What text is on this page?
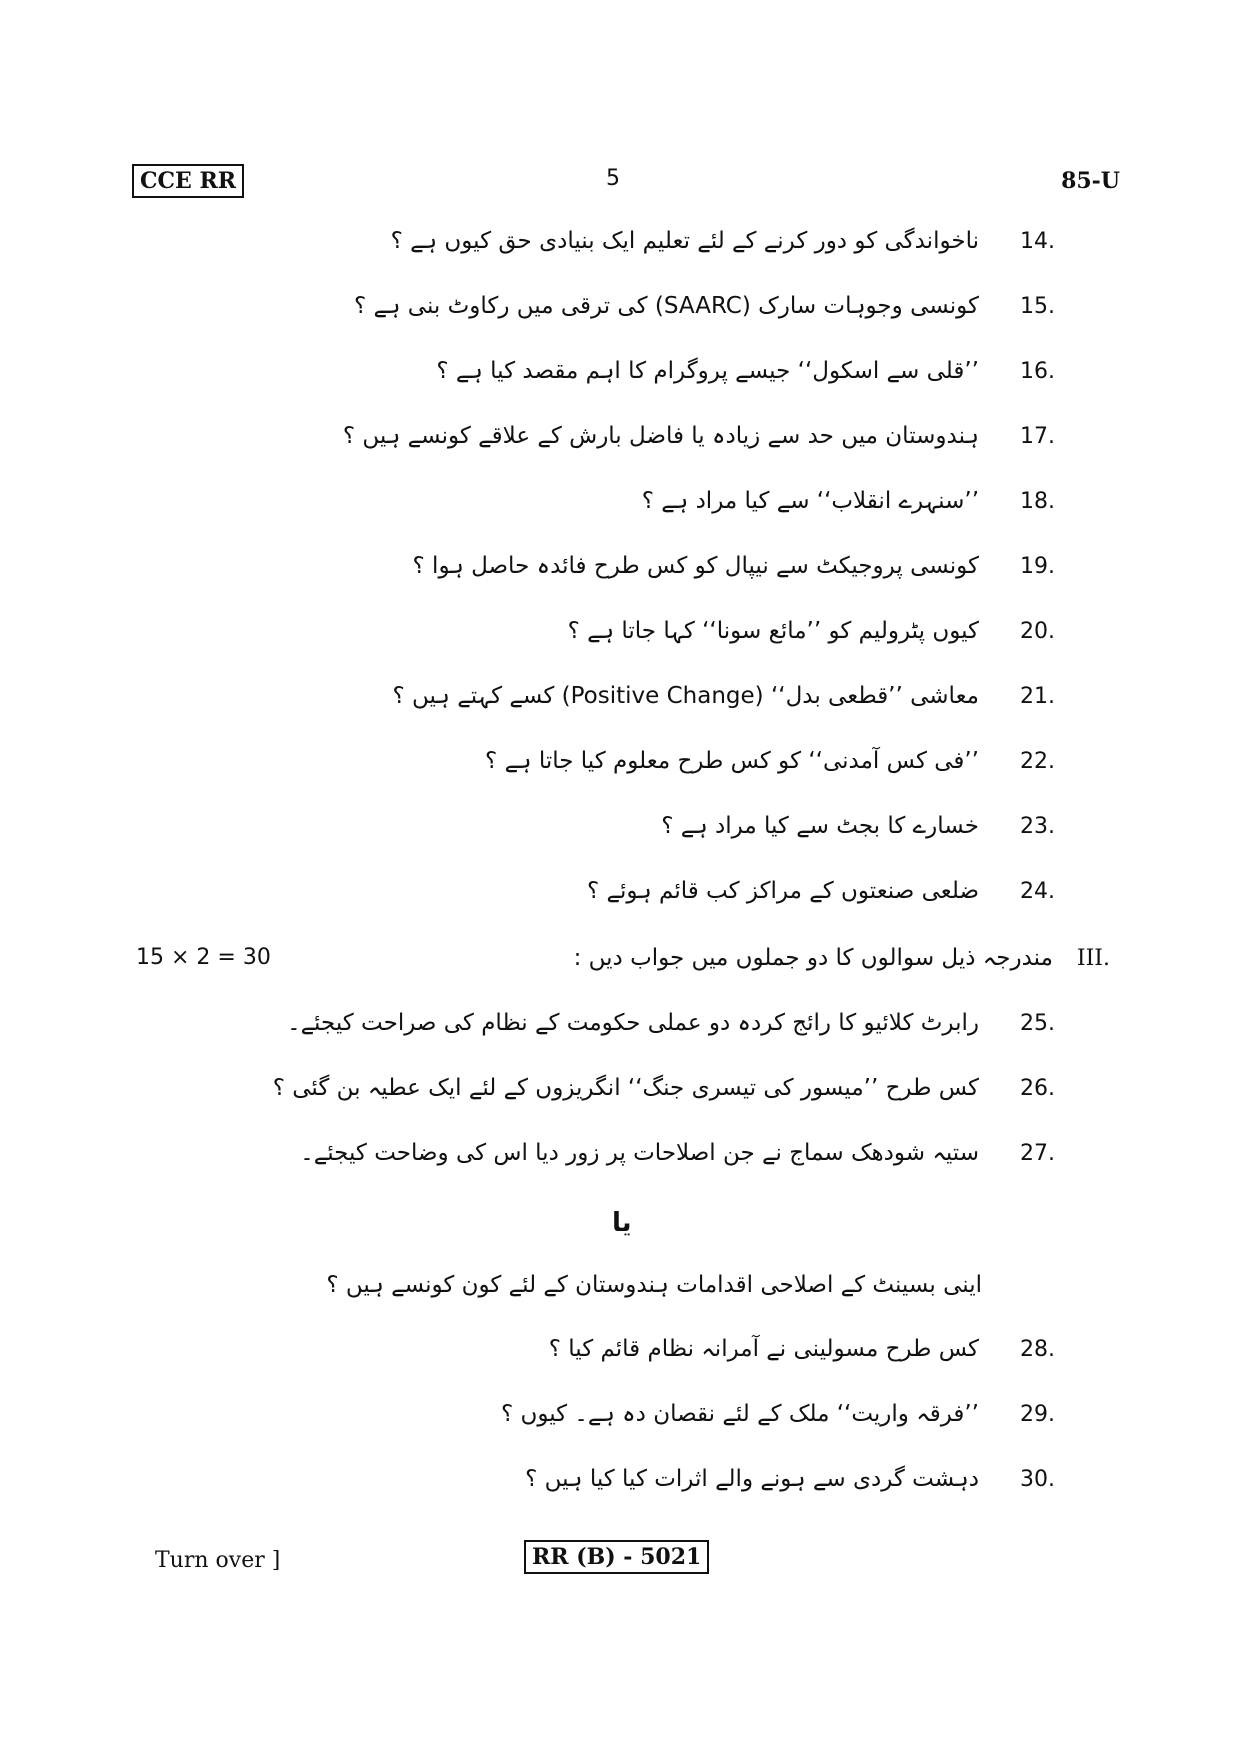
CCE RR	5	85-U
14.
ناخواندگی کو دور کرنے کے لئے تعلیم ایک بنیادی حق کیوں ہے ؟
15.
کونسی وجوہات سارک (SAARC) کی ترقی میں رکاوٹ بنی ہے ؟
16.
’’قلی سے اسکول‘‘ جیسے پروگرام کا اہم مقصد کیا ہے ؟
17.
ہندوستان میں حد سے زیادہ یا فاضل بارش کے علاقے کونسے ہیں ؟
18.
’’سنہرے انقلاب‘‘ سے کیا مراد ہے ؟
19.
کونسی پروجیکٹ سے نیپال کو کس طرح فائدہ حاصل ہوا ؟
20.
کیوں پٹرولیم کو ’’مائع سونا‘‘ کہا جاتا ہے ؟
21.
معاشی ’’قطعی بدل‘‘ (Positive Change) کسے کہتے ہیں ؟
22.
’’فی کس آمدنی‘‘ کو کس طرح معلوم کیا جاتا ہے ؟
23.
خسارے کا بجٹ سے کیا مراد ہے ؟
24.
ضلعی صنعتوں کے مراکز کب قائم ہوئے ؟
15 × 2 = 30	III.
مندرجہ ذیل سوالوں کا دو جملوں میں جواب دیں :
25.
رابرٹ کلائیو کا رائج کردہ دو عملی حکومت کے نظام کی صراحت کیجئے۔
26.
کس طرح ’’میسور کی تیسری جنگ‘‘ انگریزوں کے لئے ایک عطیہ بن گئی ؟
27.
ستیہ شودھک سماج نے جن اصلاحات پر زور دیا اس کی وضاحت کیجئے۔
یا
اینی بسینٹ کے اصلاحی اقدامات ہندوستان کے لئے کون کونسے ہیں ؟
28.
کس طرح مسولینی نے آمرانہ نظام قائم کیا ؟
29.
’’فرقہ واریت‘‘ ملک کے لئے نقصان دہ ہے۔ کیوں ؟
30.
دہشت گردی سے ہونے والے اثرات کیا کیا ہیں ؟
Turn over ]	RR (B) - 5021
